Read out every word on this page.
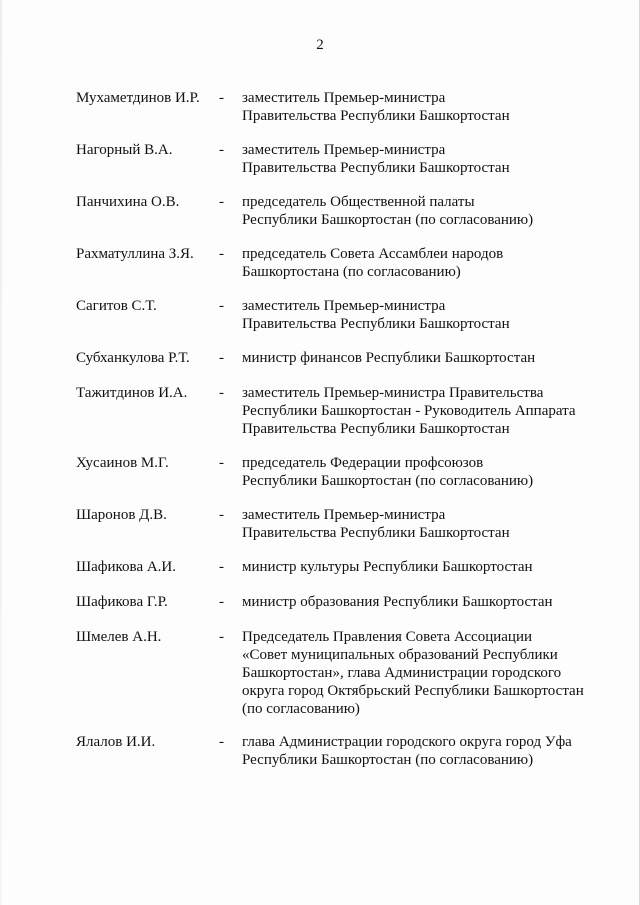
2
Мухаметдинов И.Р. - заместитель Премьер-министра
Правительства Республики Башкортостан
Нагорный В.А.	- заместитель Премьер-министра
Правительства Республики Башкортостан
Панчихина О.В.	- председатель Общественной палаты
Республики Башкортостан (по согласованию)
Рахматуллина З.Я. - председатель Совета Ассамблеи народов
Башкортостана (по согласованию)
Сагитов С.Т.	- заместитель Премьер-министра
Правительства Республики Башкортостан
Субханкулова Р.Т. - министр финансов Республики Башкортостан
Тажитдинов И.А. - заместитель Премьер-министра Правительства
Республики Башкортостан - Руководитель Аппарата
Правительства Республики Башкортостан
Хусаинов М.Г.	- председатель Федерации профсоюзов
Республики Башкортостан (по согласованию)
Шаронов Д.В.	- заместитель Премьер-министра
Правительства Республики Башкортостан
Шафикова А.И.	- министр культуры Республики Башкортостан
Шафикова Г.Р.	- министр образования Республики Башкортостан
Шмелев А.Н.	- Председатель Правления Совета Ассоциации
«Совет муниципальных образований Республики
Башкортостан», глава Администрации городского
округа город Октябрьский Республики Башкортостан
(по согласованию)
Ялалов И.И.	- глава Администрации городского округа город Уфа
Республики Башкортостан (по согласованию)
